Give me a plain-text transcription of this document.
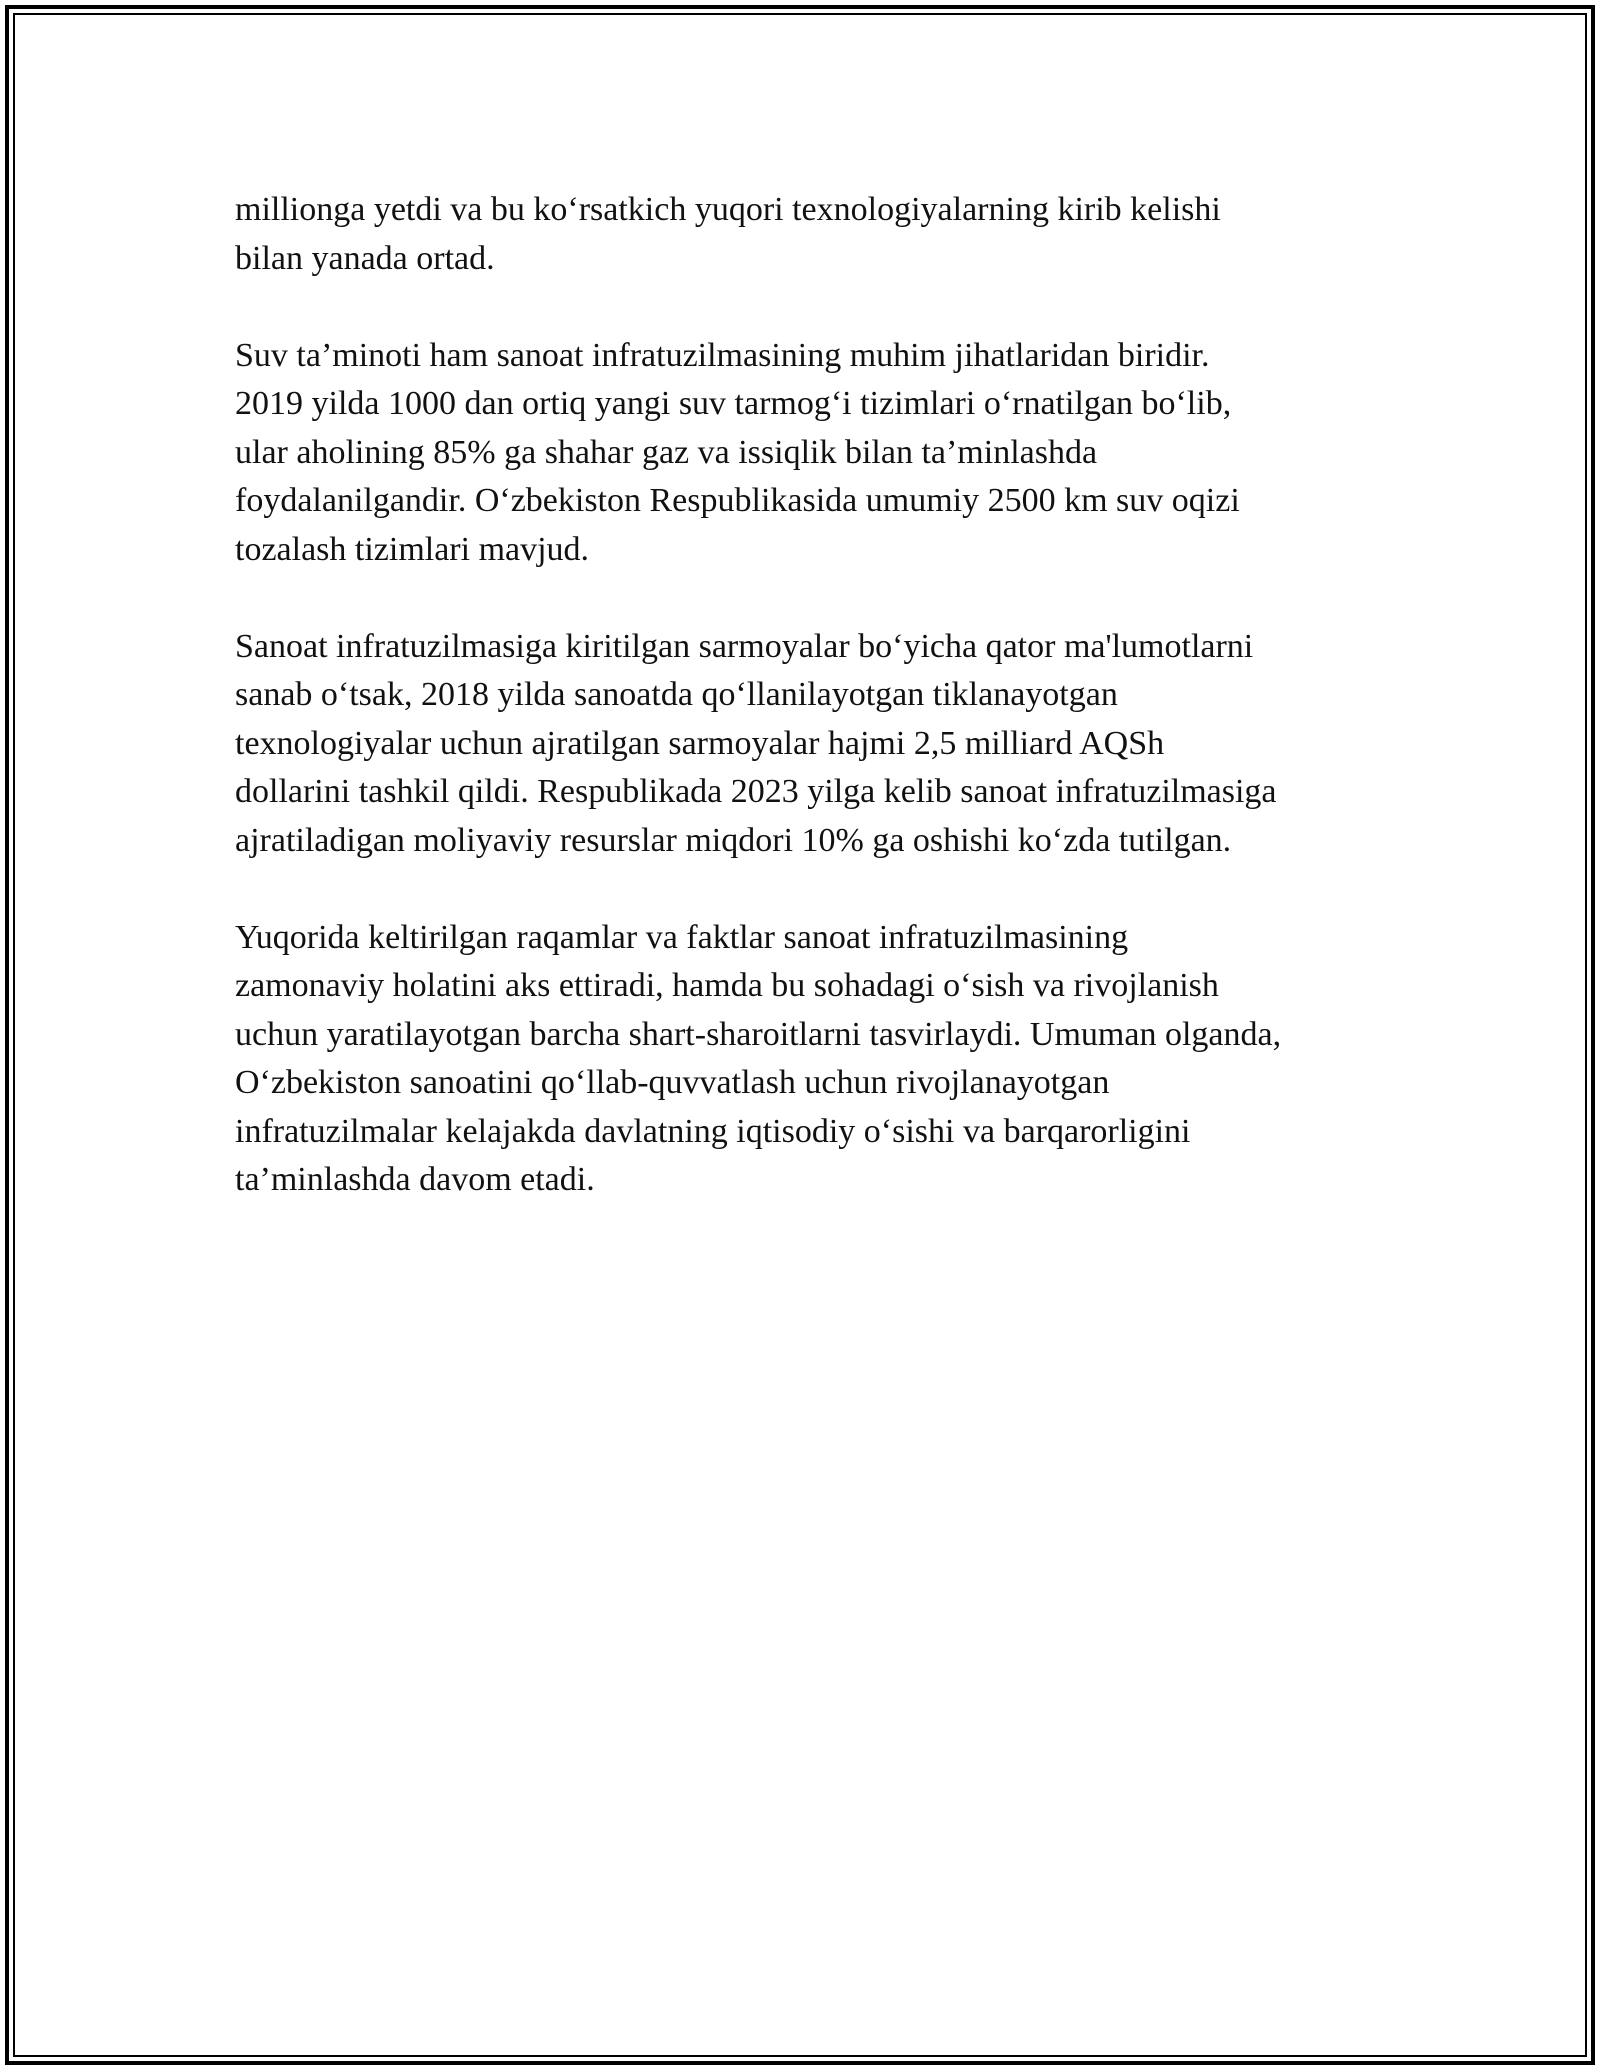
millionga yetdi va bu ko‘rsatkich yuqori texnologiyalarning kirib kelishi
bilan yanada ortad.

Suv ta’minoti ham sanoat infratuzilmasining muhim jihatlaridan biridir.
2019 yilda 1000 dan ortiq yangi suv tarmog‘i tizimlari o‘rnatilgan bo‘lib,
ular aholining 85% ga shahar gaz va issiqlik bilan ta’minlashda
foydalanilgandir. O‘zbekiston Respublikasida umumiy 2500 km suv oqizi
tozalash tizimlari mavjud.

Sanoat infratuzilmasiga kiritilgan sarmoyalar bo‘yicha qator ma'lumotlarni
sanab o‘tsak, 2018 yilda sanoatda qo‘llanilayotgan tiklanayotgan
texnologiyalar uchun ajratilgan sarmoyalar hajmi 2,5 milliard AQSh
dollarini tashkil qildi. Respublikada 2023 yilga kelib sanoat infratuzilmasiga
ajratiladigan moliyaviy resurslar miqdori 10% ga oshishi ko‘zda tutilgan.

Yuqorida keltirilgan raqamlar va faktlar sanoat infratuzilmasining
zamonaviy holatini aks ettiradi, hamda bu sohadagi o‘sish va rivojlanish
uchun yaratilayotgan barcha shart-sharoitlarni tasvirlaydi. Umuman olganda,
O‘zbekiston sanoatini qo‘llab-quvvatlash uchun rivojlanayotgan
infratuzilmalar kelajakda davlatning iqtisodiy o‘sishi va barqarorligini
ta’minlashda davom etadi.
